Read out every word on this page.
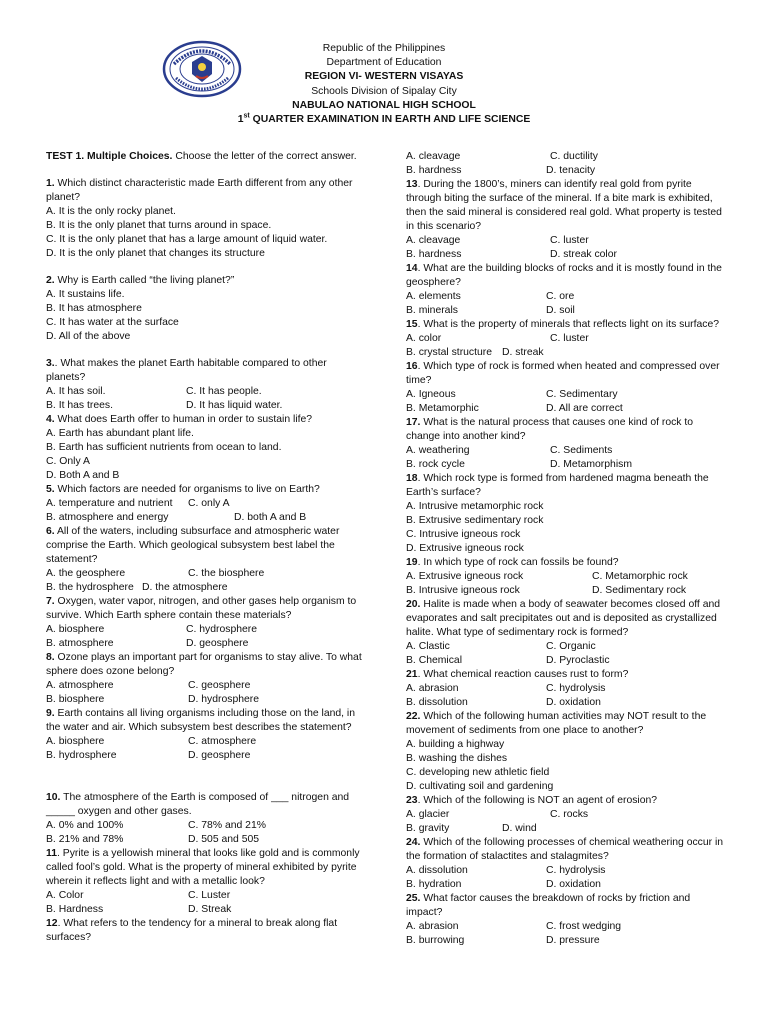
Republic of the Philippines
Department of Education
REGION VI- WESTERN VISAYAS
Schools Division of Sipalay City
NABULAO NATIONAL HIGH SCHOOL
1st QUARTER EXAMINATION IN EARTH AND LIFE SCIENCE

TEST 1. Multiple Choices. Choose the letter of the correct answer.

1. Which distinct characteristic made Earth different from any other planet?

A. It is the only rocky planet.

B. It is the only planet that turns around in space.

C. It is the only planet that has a large amount of liquid water.

D. It is the only planet that changes its structure

2. Why is Earth called “the living planet?”

A. It sustains life.

B. It has atmosphere

C. It has water at the surface

D. All of the above

3.. What makes the planet Earth habitable compared to other planets?

A. It has soil.	C. It has people.

B. It has trees.	D. It has liquid water.

4. What does Earth offer to human in order to sustain life?

A. Earth has abundant plant life.

B. Earth has sufficient nutrients from ocean to land.

C. Only A

D. Both A and B

5. Which factors are needed for organisms to live on Earth?

A. temperature and nutrient C. only A

B. atmosphere and energy	D. both A and B

6. All of the waters, including subsurface and atmospheric water comprise the Earth. Which geological subsystem best label the statement?

A. the geosphere	C. the biosphere

B. the hydrosphere D. the atmosphere

7. Oxygen, water vapor, nitrogen, and other gases help organism to survive. Which Earth sphere contain these materials?

A. biosphere	C. hydrosphere

B. atmosphere	D. geosphere

8. Ozone plays an important part for organisms to stay alive. To what sphere does ozone belong?

A. atmosphere	C. geosphere

B. biosphere	D. hydrosphere

9. Earth contains all living organisms including those on the land, in the water and air. Which subsystem best describes the statement?

A. biosphere	C. atmosphere

B. hydrosphere	D. geosphere

10. The atmosphere of the Earth is composed of ___ nitrogen and _____ oxygen and other gases.

A. 0% and 100%	C. 78% and 21%

B. 21% and 78%	D. 505 and 505

11. Pyrite is a yellowish mineral that looks like gold and is commonly called fool’s gold. What is the property of mineral exhibited by pyrite wherein it reflects light and with a metallic look?

A. Color	C. Luster

B. Hardness	D. Streak

12. What refers to the tendency for a mineral to break along flat surfaces?

A. cleavage	C. ductility

B. hardness	D. tenacity

13. During the 1800’s, miners can identify real gold from pyrite through biting the surface of the mineral. If a bite mark is exhibited, then the said mineral is considered real gold. What property is tested in this scenario?

A. cleavage	C. luster

B. hardness	D. streak color

14. What are the building blocks of rocks and it is mostly found in the geosphere?

A. elements	C. ore

B. minerals	D. soil

15. What is the property of minerals that reflects light on its surface?

A. color	C. luster

B. crystal structure D. streak

16. Which type of rock is formed when heated and compressed over time?

A. Igneous	C. Sedimentary

B. Metamorphic	D. All are correct

17. What is the natural process that causes one kind of rock to change into another kind?

A. weathering	C. Sediments

B. rock cycle	D. Metamorphism

18. Which rock type is formed from hardened magma beneath the Earth’s surface?

A. Intrusive metamorphic rock

B. Extrusive sedimentary rock

C. Intrusive igneous rock

D. Extrusive igneous rock

19. In which type of rock can fossils be found?

A. Extrusive igneous rock	C. Metamorphic rock

B. Intrusive igneous rock	D. Sedimentary rock

20. Halite is made when a body of seawater becomes closed off and evaporates and salt precipitates out and is deposited as crystallized halite. What type of sedimentary rock is formed?

A. Clastic	C. Organic

B. Chemical	D. Pyroclastic

21. What chemical reaction causes rust to form?

A. abrasion	C. hydrolysis

B. dissolution	D. oxidation

22. Which of the following human activities may NOT result to the movement of sediments from one place to another?

A. building a highway

B. washing the dishes

C. developing new athletic field

D. cultivating soil and gardening

23. Which of the following is NOT an agent of erosion?

A. glacier	C. rocks

B. gravity	D. wind

24. Which of the following processes of chemical weathering occur in the formation of stalactites and stalagmites?

A. dissolution	C. hydrolysis

B. hydration	D. oxidation

25. What factor causes the breakdown of rocks by friction and impact?

A. abrasion	C. frost wedging

B. burrowing	D. pressure
